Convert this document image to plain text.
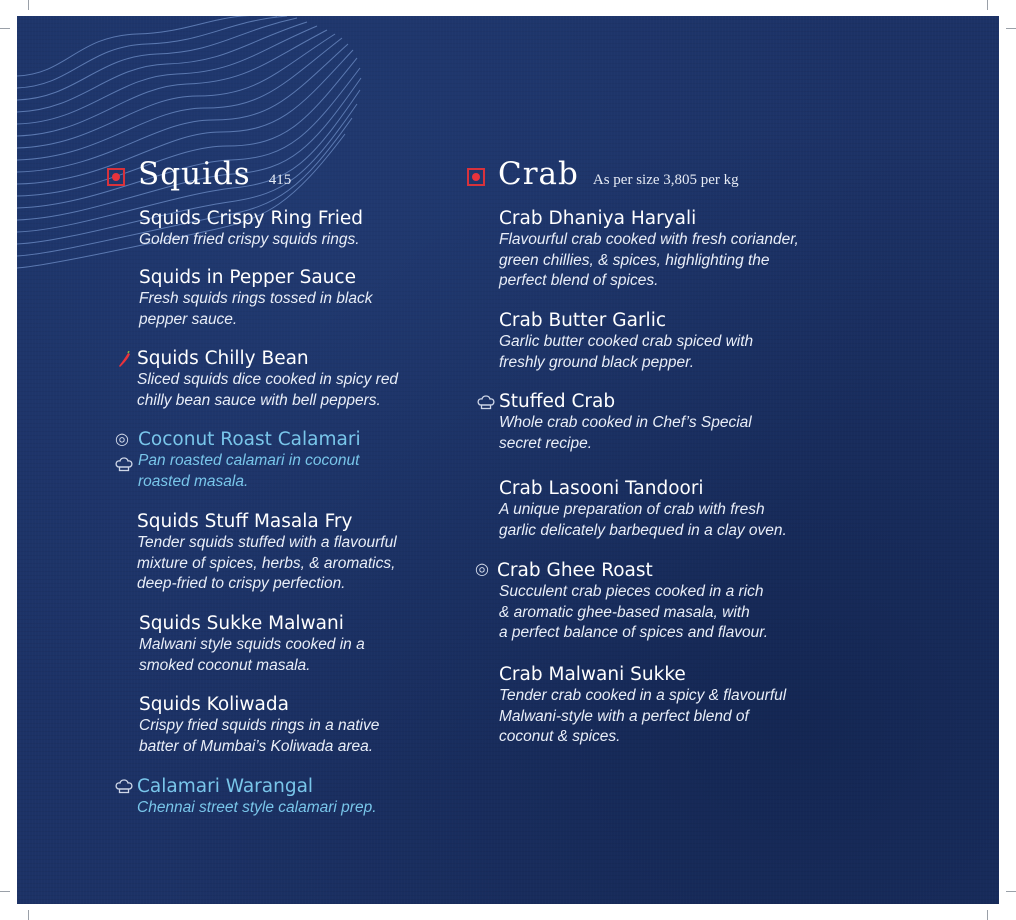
Squids 415
Squids Crispy Ring Fried
Golden fried crispy squids rings.
Squids in Pepper Sauce
Fresh squids rings tossed in black
pepper sauce.
Squids Chilly Bean
Sliced squids dice cooked in spicy red
chilly bean sauce with bell peppers.
◎ Coconut Roast Calamari
Pan roasted calamari in coconut
roasted masala.
Squids Stuff Masala Fry
Tender squids stuffed with a flavourful
mixture of spices, herbs, & aromatics,
deep-fried to crispy perfection.
Squids Sukke Malwani
Malwani style squids cooked in a
smoked coconut masala.
Squids Koliwada
Crispy fried squids rings in a native
batter of Mumbai’s Koliwada area.
Calamari Warangal
Chennai street style calamari prep.
Crab As per size 3,805 per kg
Crab Dhaniya Haryali
Flavourful crab cooked with fresh coriander,
green chillies, & spices, highlighting the
perfect blend of spices.
Crab Butter Garlic
Garlic butter cooked crab spiced with
freshly ground black pepper.
Stuffed Crab
Whole crab cooked in Chef’s Special
secret recipe.
Crab Lasooni Tandoori
A unique preparation of crab with fresh
garlic delicately barbequed in a clay oven.
◎ Crab Ghee Roast
Succulent crab pieces cooked in a rich
& aromatic ghee-based masala, with
a perfect balance of spices and flavour.
Crab Malwani Sukke
Tender crab cooked in a spicy & flavourful
Malwani-style with a perfect blend of
coconut & spices.
